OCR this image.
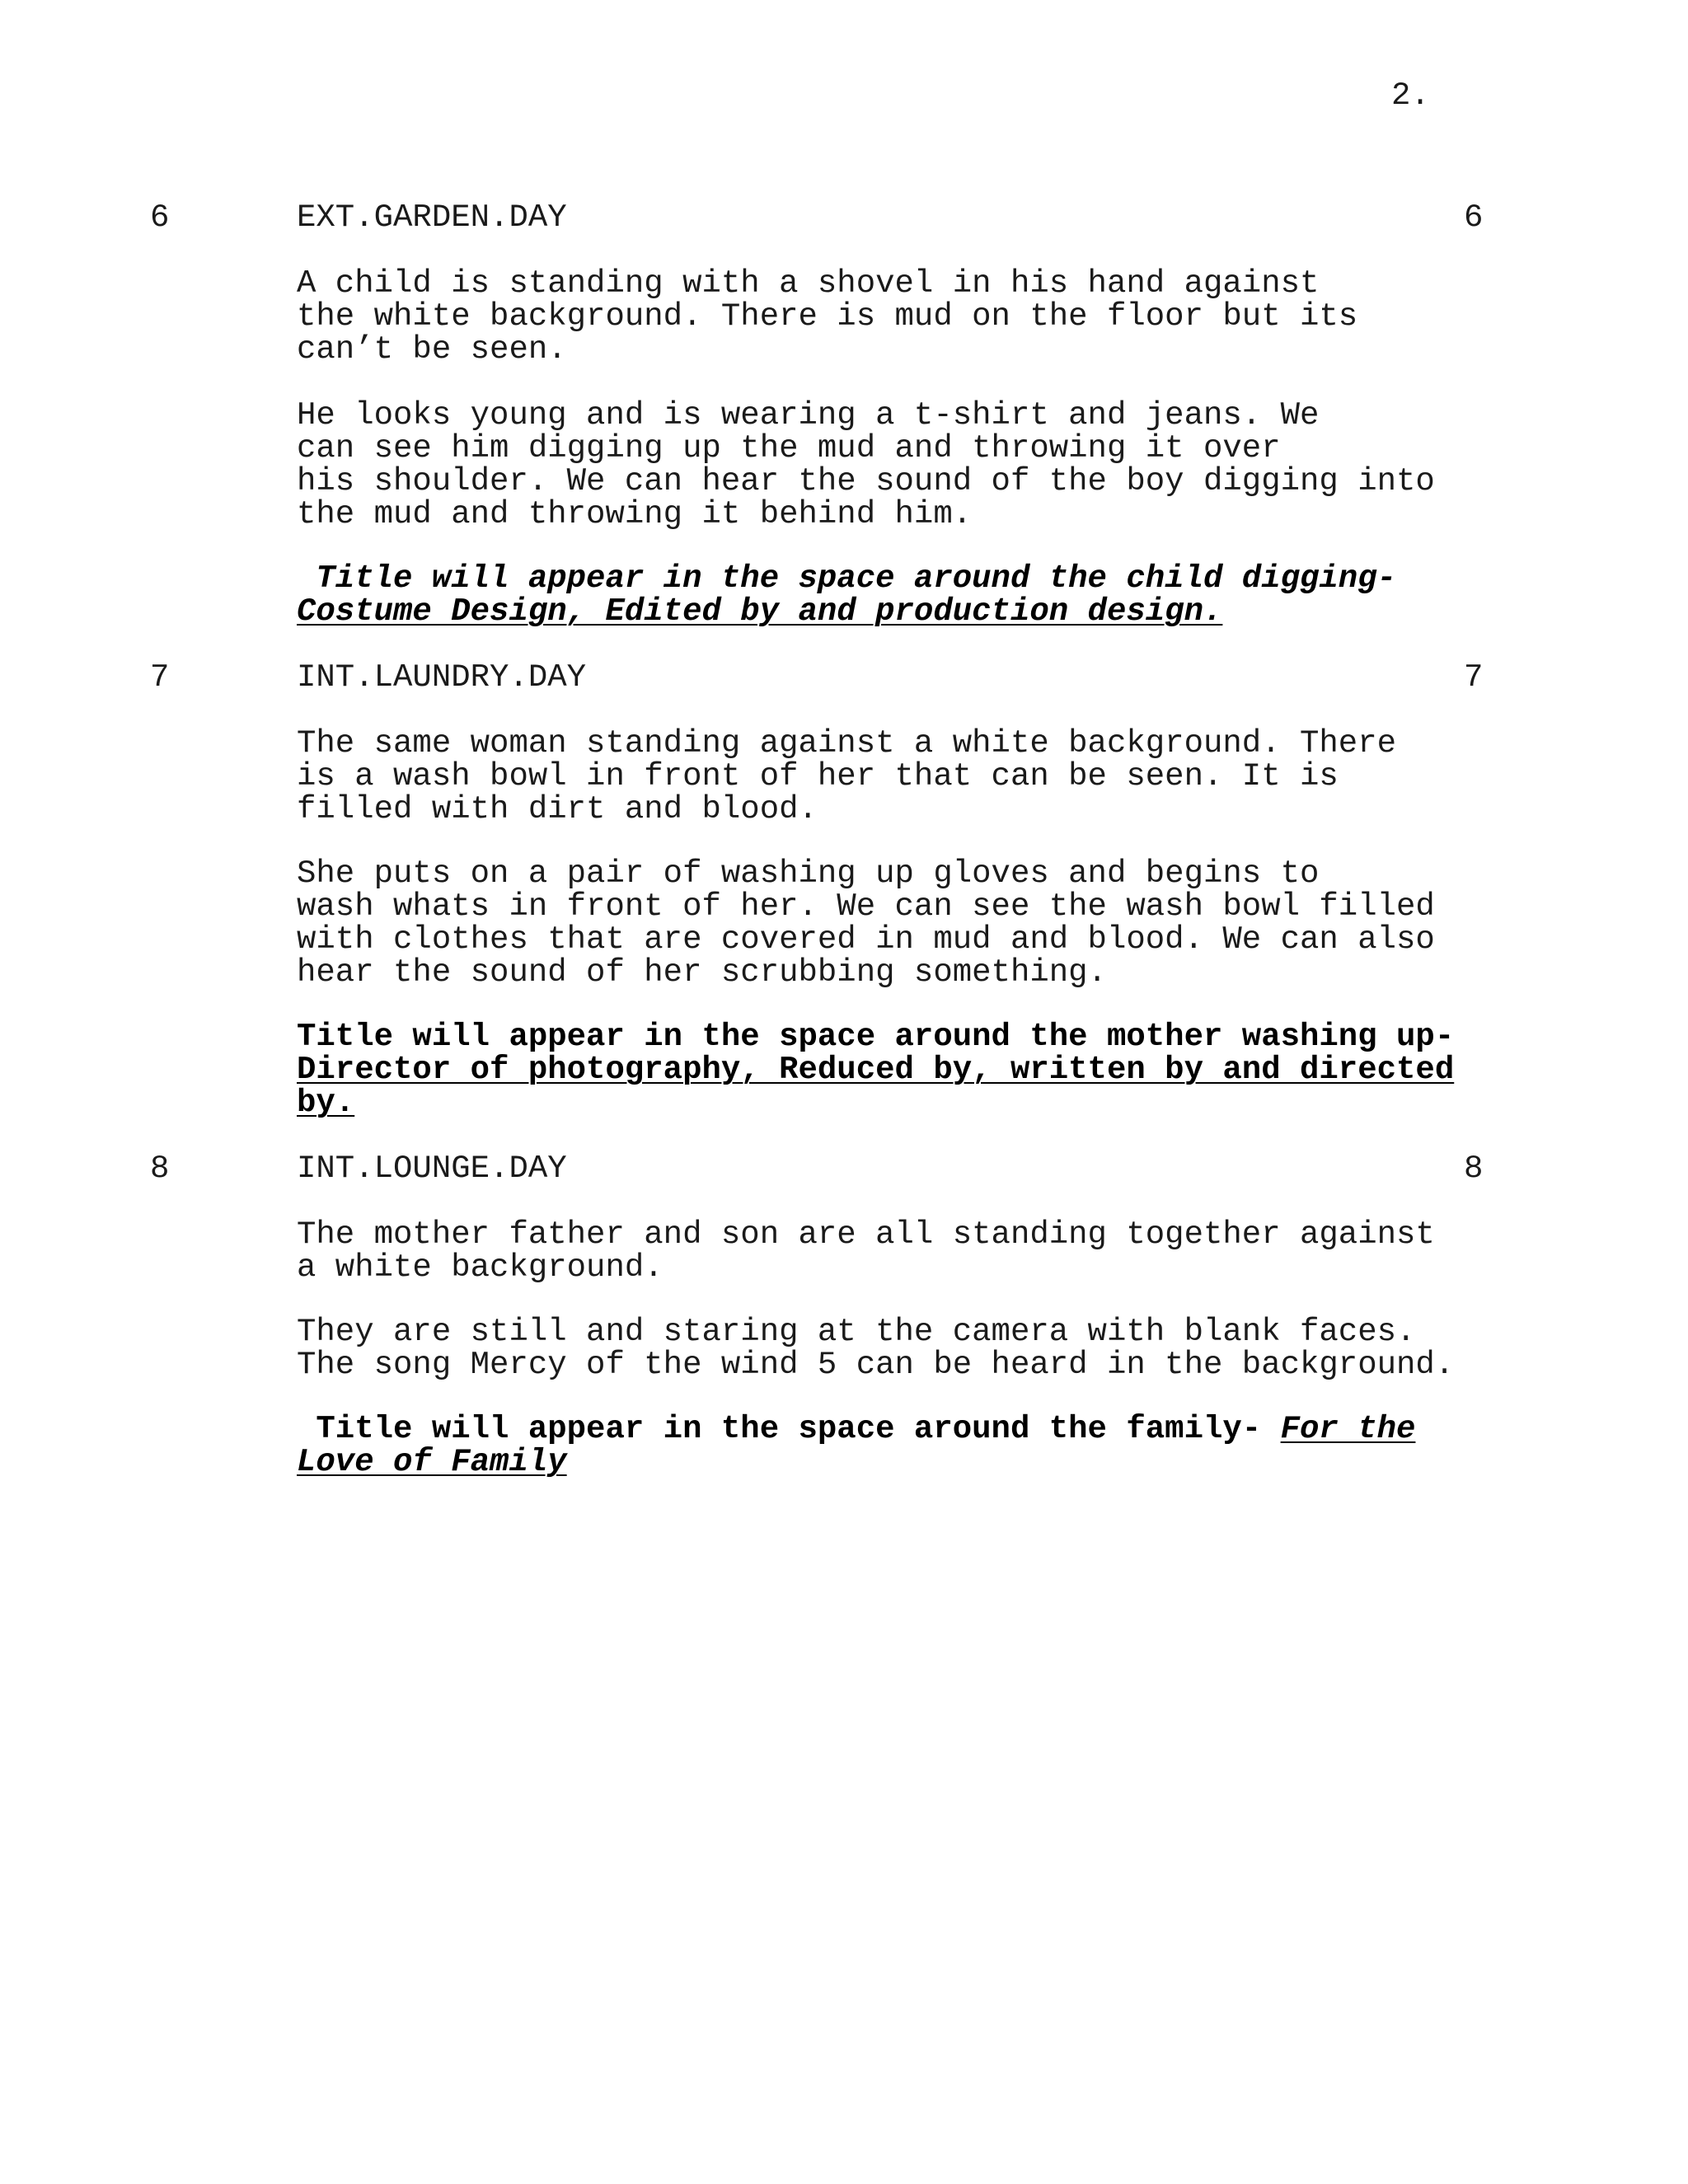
2.
6	EXT.GARDEN.DAY	6
A child is standing with a shovel in his hand against
the white background. There is mud on the floor but its
can’t be seen.
He looks young and is wearing a t-shirt and jeans. We
can see him digging up the mud and throwing it over
his shoulder. We can hear the sound of the boy digging into
the mud and throwing it behind him.
Title will appear in the space around the child digging-
Costume Design, Edited by and production design.
7	INT.LAUNDRY.DAY	7
The same woman standing against a white background. There
is a wash bowl in front of her that can be seen. It is
filled with dirt and blood.
She puts on a pair of washing up gloves and begins to
wash whats in front of her. We can see the wash bowl filled
with clothes that are covered in mud and blood. We can also
hear the sound of her scrubbing something.
Title will appear in the space around the mother washing up-
Director of photography, Reduced by, written by and directed
by.
8	INT.LOUNGE.DAY	8
The mother father and son are all standing together against
a white background.
They are still and staring at the camera with blank faces.
The song Mercy of the wind 5 can be heard in the background.
Title will appear in the space around the family- For the
Love of Family
